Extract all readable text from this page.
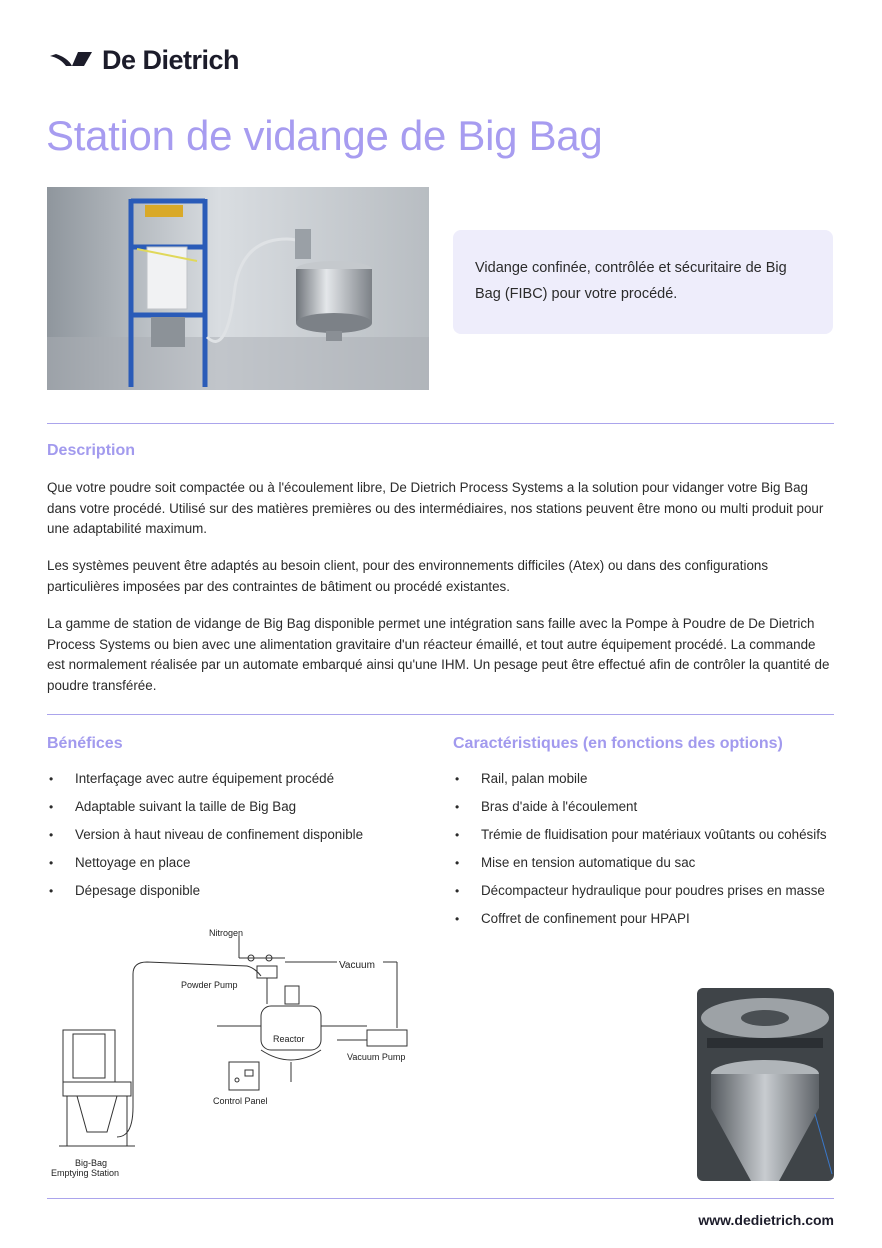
De Dietrich
Station de vidange de Big Bag
Vidange confinée, contrôlée et sécuritaire de Big Bag (FIBC) pour votre procédé.
Description
Que votre poudre soit compactée ou à l'écoulement libre, De Dietrich Process Systems a la solution pour vidanger votre Big Bag dans votre procédé. Utilisé sur des matières premières ou des intermédiaires, nos stations peuvent être mono ou multi produit pour une adaptabilité maximum.
Les systèmes peuvent être adaptés au besoin client, pour des environnements difficiles (Atex) ou dans des configurations particulières imposées par des contraintes de bâtiment ou procédé existantes.
La gamme de station de vidange de Big Bag disponible permet une intégration sans faille avec la Pompe à Poudre de De Dietrich Process Systems ou bien avec une alimentation gravitaire d'un réacteur émaillé, et tout autre équipement procédé. La commande est normalement réalisée par un automate embarqué ainsi qu'une IHM. Un pesage peut être effectué afin de contrôler la quantité de poudre transférée.
Bénéfices
• Interfaçage avec autre équipement procédé
• Adaptable suivant la taille de Big Bag
• Version à haut niveau de confinement disponible
• Nettoyage en place
• Dépesage disponible
Caractéristiques (en fonctions des options)
• Rail, palan mobile
• Bras d'aide à l'écoulement
• Trémie de fluidisation pour matériaux voûtants ou cohésifs
• Mise en tension automatique du sac
• Décompacteur hydraulique pour poudres prises en masse
• Coffret de confinement pour HPAPI
Nitrogen
Vacuum
Powder Pump
Reactor
Vacuum Pump
Control Panel
Big-Bag
Emptying Station
www.dedietrich.com
